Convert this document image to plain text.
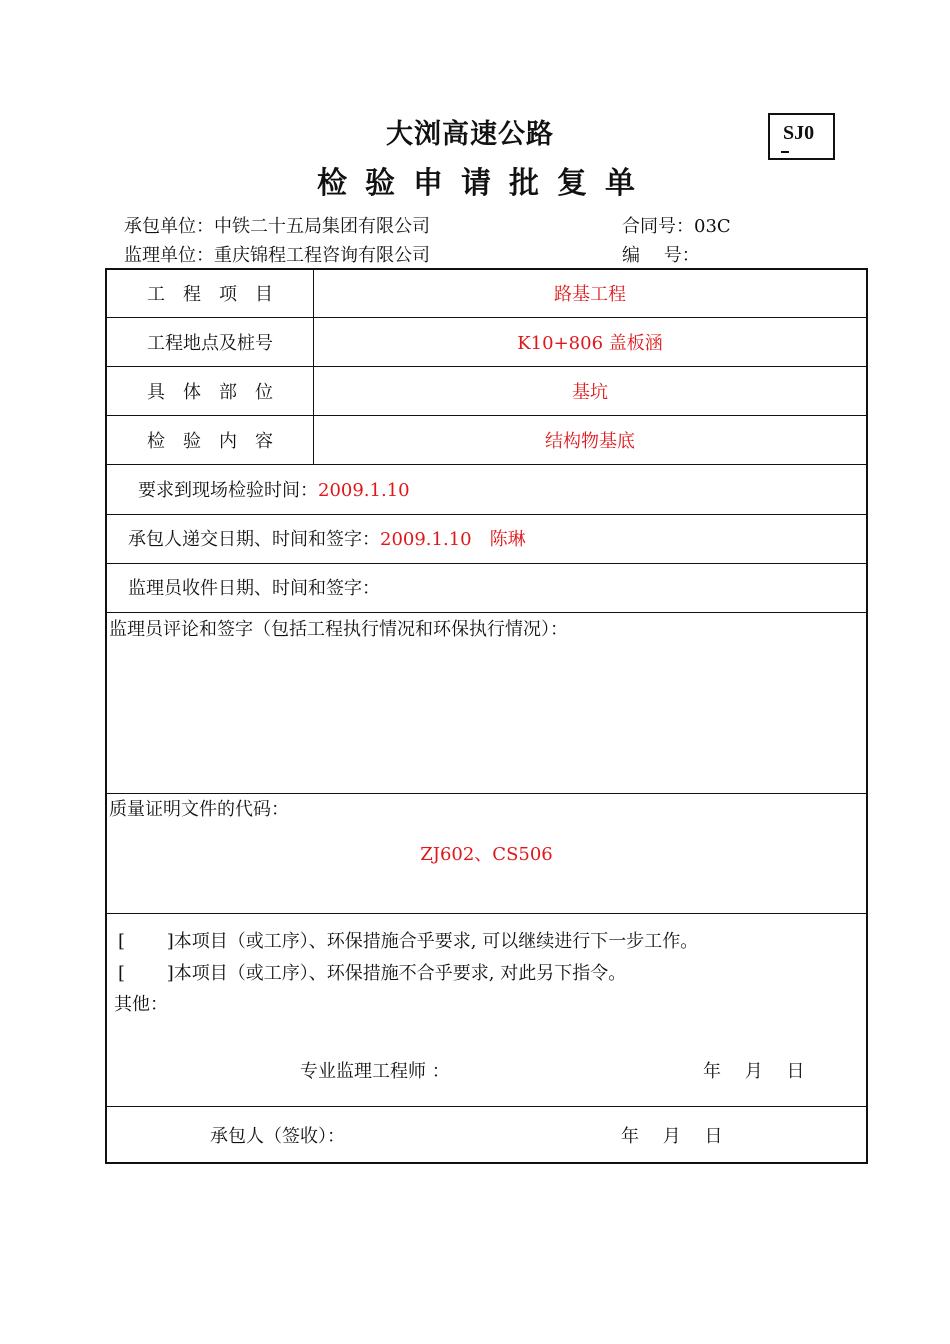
大浏高速公路
检验申请批复单
SJ0
承包单位：中铁二十五局集团有限公司	合同号：03C
监理单位：重庆锦程工程咨询有限公司	编　 号：
工　程　项　目	路基工程
工程地点及桩号	K10+806 盖板涵
具　体　部　位	基坑
检　验　内　容	结构物基底
要求到现场检验时间：2009.1.10
承包人递交日期、时间和签字：2009.1.10　陈琳
监理员收件日期、时间和签字：
监理员评论和签字（包括工程执行情况和环保执行情况）：
质量证明文件的代码：
ZJ602、CS506
[　　 ]本项目（或工序）、环保措施合乎要求, 可以继续进行下一步工作。
[　　 ]本项目（或工序）、环保措施不合乎要求, 对此另下指令。
其他：
专业监理工程师 ：	年　 月　 日
承包人（签收）：	年　 月　 日
